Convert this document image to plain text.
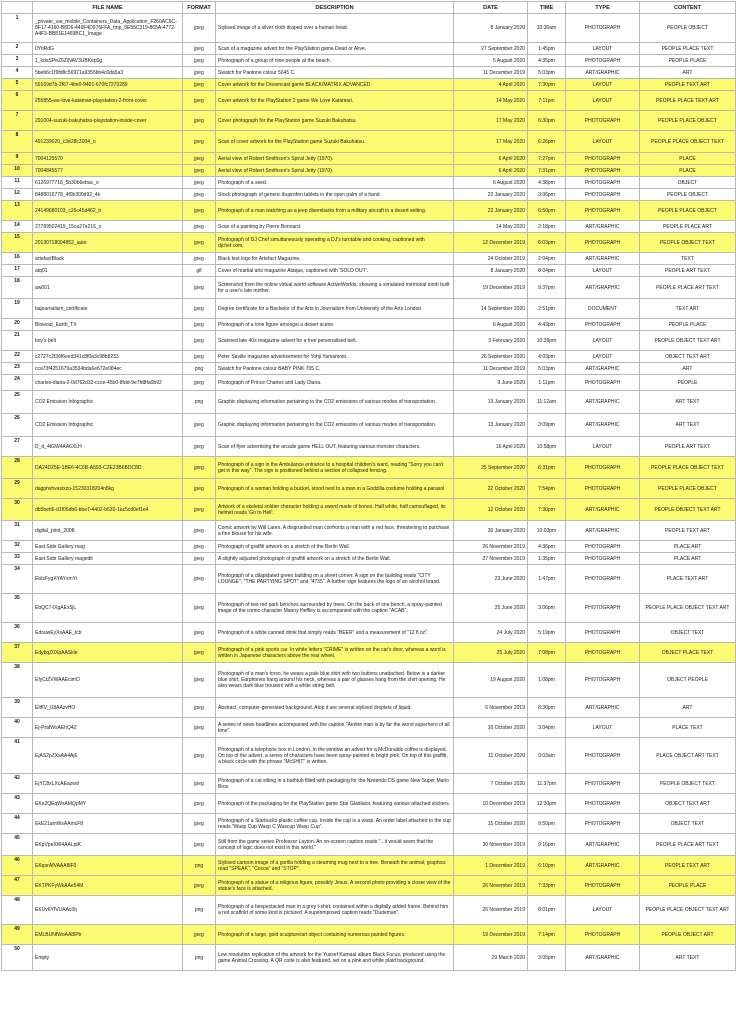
	FILE NAME	FORMAT	DESCRIPTION	DATE	TIME	TYPE	CONTENT
1	_private_var_mobile_Containers_Data_Application_F260AC6C-8F17-4160-B8D6-449F4D976FFA_tmp_6E55C319-865A-4772-A4F3-BB81E1469BC1_Image	jpeg	Stylised image of a silver cloth draped over a human head.	8 January 2020	10:30am	PHOTOGRAPH	PEOPLE OBJECT
2	0YtiRdG	jpeg	Scan of a magazine advert for the PlayStation game Dead or Alive.	27 September 2020	1:45pm	LAYOUT	PEOPLE PLACE TEXT
3	1_kdaSPeZ6ZiNAV3UBKep0g	jpeg	Photograph of a group of nine people at the beach.	5 August 2020	4:35pm	PHOTOGRAPH	PEOPLE PLACE
4	5beb6c1f9fd8c56971a9355bb4c0da5a3	jpeg	Swatch for Pantone colour 5645 C.	11 December 2019	5:03pm	ART/GRAPHIC	ART
5	59169d7b-2f67-4be0-9401-670fc7270289	jpeg	Cover artwork for the Dreamcast game BLACK/MATRIX ADVANCED.	4 April 2020	7:30pm	LAYOUT	PEOPLE TEXT ART
6	255855-we-love-katamari-playstation-2-front-cover	jpeg	Cover artwork for the PlayStation 2 game We Love Katamari.	14 May 2020	7:11pm	LAYOUT	PEOPLE PLACE TEXT ART
7	291004-suzuki-bakuhatsu-playstation-inside-cover	jpeg	Cover photograph for the PlayStation game Suzuki Bakuhatsu.	17 May 2020	6:30pm	PHOTOGRAPH	PEOPLE PLACE OBJECT
8	491239020_c3e28c3004_o	jpeg	Scan of cover artwork for the PlayStation game Suzuki Bakuhatsu.	17 May 2020	6:26pm	LAYOUT	PEOPLE PLACE OBJECT TEXT
9	7004125570	jpeg	Aerial view of Robert Smithson's Spiral Jetty (1970).	6 April 2020	7:27pm	PHOTOGRAPH	PLACE
10	7004845577	jpeg	Aerial view of Robert Smithson's Spiral Jetty (1970).	6 April 2020	7:31pm	PHOTOGRAPH	PLACE
11	6126977718_5b30b6ebac_o	jpeg	Photograph of a seed.	6 August 2020	4:38pm	PHOTOGRAPH	OBJECT
12	848801677​8_4f0b300d92_4k	jpeg	Stock photograph of generic ibuprofen tablets in the open palm of a hand.	22 January 2020	3:06pm	PHOTOGRAPH	PEOPLE OBJECT
13	24149680103_c26c45d462_b	jpeg	Photograph of a man watching as a jeep disembarks from a military aircraft in a desert setting.	22 January 2020	6:50pm	PHOTOGRAPH	PEOPLE PLACE OBJECT
14	27789502419_15ca27e216_o	jpeg	Scan of a painting by Pierre Bonnard.	14 May 2020	2:18pm	ART/GRAPHIC	PEOPLE PLACE ART
15	20130718094852_auto	jpeg	Photograph of DJ Chef simultaneously operating a DJ's turntable and cooking, captioned with djchef.com.	12 December 2019	6:03pm	PHOTOGRAPH	PEOPLE OBJECT TEXT
16	artefactBlack	jpeg	Black text logo for Artefact Magazine.	24 October 2019	2:04pm	ART/GRAPHIC	TEXT
17	atq01	gif	Cover of martial arts magazine Ataque, captioned with 'SOLD OUT'.	8 January 2020	8:04pm	LAYOUT	PEOPLE ART TEXT
18	aw001	jpeg	Screenshot from the online virtual world software ActiveWorlds, showing a simulated memorial tomb built for a user's late mother.	19 December 2019	9:37pm	ART/GRAPHIC	PEOPLE PLACE ART TEXT
19	bajournalism_certificate	jpeg	Degree certificate for a Bachelor of the Arts in Journalism from University of the Arts London.	14 September 2020	2:51pm	DOCUMENT	TEXT ART
20	Blowout_Earth_TX	jpeg	Photograph of a lone figure amongst a desert scene.	6 August 2020	4:43pm	PHOTOGRAPH	PEOPLE PLACE
21	boy's belt	jpeg	Scanned late 40s magazine advert for a free personalised belt.	3 February 2020	10:39pm	LAYOUT	PEOPLE OBJECT TEXT ART
22	c2727c2f36f6eed341c8f0a3c98b8233	jpeg	Peter Saville magazine advertisement for Yohji Yamamoto.	26 September 2020	4:03pm	LAYOUT	OBJECT TEXT ART
23	cca73f4251679a3534bda6e672e084ec	png	Swatch for Pantone colour BABY PINK 705 C.	11 December 2019	5:03pm	ART/GRAPHIC	ART
24	charles-diana-2-0d762d32-ccce-45b0-8fdd-9e7fd8fa0b92	jpeg	Photograph of Prince Charles and Lady Diana.	9 June 2020	1:11pm	PHOTOGRAPH	PEOPLE
25	CO2 Emission Infographic	png	Graphic displaying information pertaining to the CO2 emissions of various modes of transportation.	13 January 2020	11:12am	ART/GRAPHIC	ART TEXT
26	CO2 Emission Infographic	jpeg	Graphic displaying information pertaining to the CO2 emissions of various modes of transportation.	13 January 2020	3:09pm	ART/GRAPHIC	ART TEXT
27	D_d_4tGW4AA6XLH	jpeg	Scan of flyer advertising the arcade game HELL OUT, featuring various monster characters.	16 April 2020	10:58pm	LAYOUT	PEOPLE ART TEXT
28	DA24D25E-1BE6-4C6B-A593-C2E23B6BDC8D	jpeg	Photograph of a sign in the Ambulance entrance to a hospital children's ward, reading "Sorry you can't get in this way". The sign is positioned behind a section of collapsed fencing.	25 September 2020	6:31pm	PHOTOGRAPH	PEOPLE PLACE OBJECT TEXT
29	dagphvhvasixzo-15230318204n8kg	jpeg	Photograph of a woman holding a bucket, stood next to a man in a Godzilla costume holding a parasol.	22 October 2020	7:54pm	PHOTOGRAPH	PEOPLE PLACE OBJECT
30	db5beh6-d1f06db6-bbe7-4402-b630-1ac5cd0ef1e4	jpeg	Artwork of a skeletal soldier character holding a sword made of bones. Half white, half camouflaged, its helmet reads 'Go to Hell'.	12 October 2020	7:30pm	ART/GRAPHIC	PEOPLE OBJECT TEXT ART
31	digital_print_2008	jpeg	Comic artwork by Will Laren. A disgruntled man confronts a man with a red face, threatening to purchase a fine blouse for his wife.	30 January 2020	10:03pm	ART/GRAPHIC	PEOPLE TEXT ART
32	East Side Gallery mag	jpeg	Photograph of graffiti artwork on a stretch of the Berlin Wall.	26 November 2019	4:36pm	PHOTOGRAPH	PLACE ART
33	East Side Gallery magedit	jpeg	A slightly adjusted photograph of graffiti artwork on a stretch of the Berlin Wall.	27 November 2019	1:35pm	PHOTOGRAPH	PLACE ART
34	EbIzFygXYAYsmYr	jpeg	Photograph of a dilapidated green building on a street corner. A sign on the building reads "CITY LOUNGE", "THE PARTYING SPOT" and "4735". A further sign features the logo of an alcohol brand.	23 June 2020	1:47pm	PHOTOGRAPH	PLACE TEXT ART
35	EbQC7-lXgAEx5jL	jpeg	Photograph of two red park benches surrounded by trees. On the back of one bench, a spray-painted image of the comic character Manny Heffley is accompanied with the caption "ACAB".	25 June 2020	3:06pm	PHOTOGRAPH	PEOPLE PLACE OBJECT TEXT ART
36	EdouwEyXsAAE_tcb	jpeg	Photograph of a white canned drink that simply reads "BEER" and a measurement of "12 fl oz".	24 July 2020	5:19pm	PHOTOGRAPH	OBJECT TEXT
37	EdybqZ0XpAASkle	jpeg	Photograph of a pink sports car. In white letters "CRIME" is written on the car's door, whereas a word is written in Japanese characters above the rear wheel.	25 July 2020	7:08pm	PHOTOGRAPH	OBJECT PLACE TEXT
38	EfyCtZVWAAEcimO	jpeg	Photograph of a man's torso, he wears a pale blue shirt with two buttons unattached. Below is a darker blue shirt. Earphones hang around his neck, whereas a pair of glasses hang from the shirt opening. He also wears dark blue trousers with a white string belt.	19 August 2020	1:08pm	PHOTOGRAPH	OBJECT PEOPLE
39	EltfIV_U8AAzvHO	jpeg	Abstract, computer-generated background. Atop it are several stylised droplets of liquid.	6 November 2019	8:30pm	ART/GRAPHIC	ART
40	Ej-PrafWsAEhQ4Z	jpeg	A series of news headlines accompanied with the caption "Airdrie man is by far the worst superhero of all time".	10 October 2020	3:04pm	LAYOUT	PLACE TEXT
41	EjAS2pZXsAA4Aj6	jpeg	Photograph of a telephone box in London. In the window an advert for a McDonalds coffee is displayed. On top of the advert, a series of characters have been spray-painted in bright pink. On top of this graffiti, a black circle with the phrase "McSHIT" is written.	11 October 2020	9:03am	PHOTOGRAPH	PLACE OBJECT ART TEXT
42	EjYC8xLXcAEazwd	jpeg	Photograph of a cat sitting in a bathtub filled with packaging for the Nintendo DS game New Super Mario Bros.	7 October 2020	11:37pm	PHOTOGRAPH	PEOPLE OBJECT TEXT
43	EKe2QEqWsAMQpMY	jpeg	Photograph of the packaging for the PlayStation game Star Gladiator, featuring various attached stickers.	10 December 2019	12:30pm	PHOTOGRAPH	OBJECT TEXT ART
44	EkE21amWsAAmcF8	jpeg	Photograph of a Starbucks plastic coffee cup. Inside the cup is a wasp. An order label attached to the cup reads "Wasp Cup Wasp C Wascup Wasp Cup".	15 October 2020	9:50pm	PHOTOGRAPH	OBJECT TEXT
45	EKpVpeXW4AALptK	jpeg	Still from the game series Professor Layton. An on-screen caption reads "...it would seem that the concept of logic does not exist in this world."	30 November 2019	9:16pm	ART/GRAPHIC	PEOPLE PLACE ART TEXT
46	EKqorAfVAAA8lF0	png	Stylised cartoon image of a gorilla holding a steaming mug next to a tree. Beneath the animal, graphics read "SPEAK", "Cocoa" and "STOP".	1 December 2019	6:10pm	ART/GRAPHIC	PEOPLE TEXT ART
47	EKTPKFyWkAAe54M	jpeg	Photograph of a statue of a religious figure, possibly Jesus. A second photo providing a closer view of the statue's face is attached.	26 November 2019	7:33pm	PHOTOGRAPH	PEOPLE PLACE
48	EKUv6YfVUAAcI9j	png	Photograph of a bespectacled man in a grey t-shirt, contained within a digitally added frame. Behind him a red scaffold of some kind is pictured. A superimposed caption reads "Dudeman".	26 November 2019	8:01pm	LAYOUT	PEOPLE PLACE OBJECT TEXT ART
49	EMLBUNfWoAA8lPb	jpeg	Photograph of a large, gold sculpture/art object containing numerous painted figures.	19 December 2019	7:14pm	PHOTOGRAPH	PEOPLE OBJECT ART
50	Empty	png	Low resolution replication of the artwork for the Yussef Kamaal album Black Focus, produced using the game Animal Crossing. A QR code is also featured, set on a pink and white plaid background.	29 March 2020	3:05pm	ART/GRAPHIC	ART TEXT
